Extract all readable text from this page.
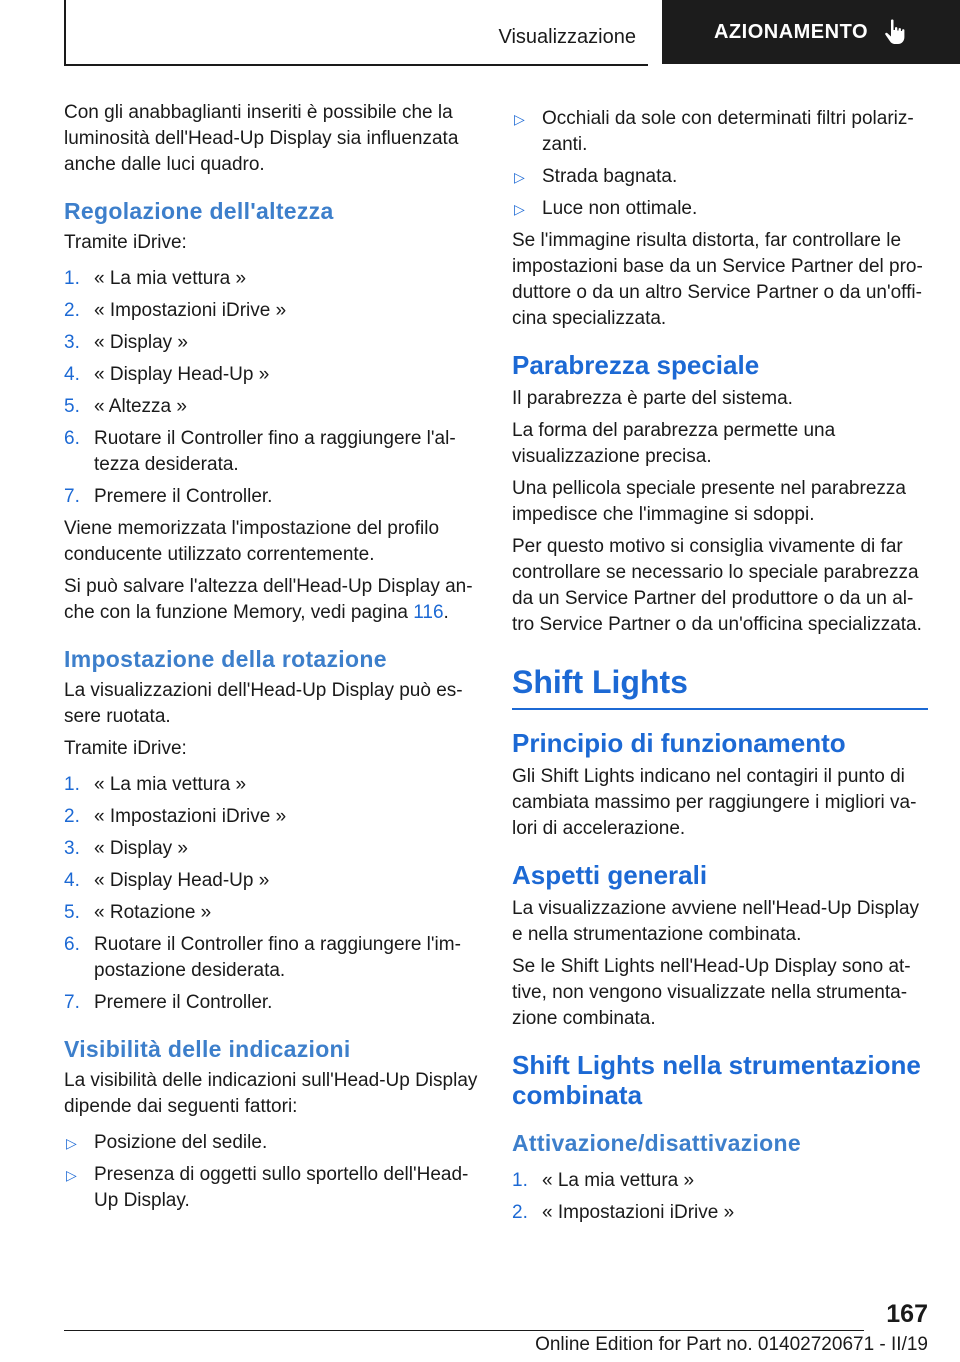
Visualizzazione	AZIONAMENTO

Con gli anabbaglianti inseriti è possibile che la luminosità dell'Head-Up Display sia influenzata anche dalle luci quadro.

Regolazione dell'altezza

Tramite iDrive:

1. « La mia vettura »
2. « Impostazioni iDrive »
3. « Display »
4. « Display Head-Up »
5. « Altezza »
6. Ruotare il Controller fino a raggiungere l'altezza desiderata.
7. Premere il Controller.

Viene memorizzata l'impostazione del profilo conducente utilizzato correntemente.

Si può salvare l'altezza dell'Head-Up Display anche con la funzione Memory, vedi pagina 116.

Impostazione della rotazione

La visualizzazioni dell'Head-Up Display può essere ruotata.

Tramite iDrive:

1. « La mia vettura »
2. « Impostazioni iDrive »
3. « Display »
4. « Display Head-Up »
5. « Rotazione »
6. Ruotare il Controller fino a raggiungere l'impostazione desiderata.
7. Premere il Controller.
Visibilità delle indicazioni

La visibilità delle indicazioni sull'Head-Up Display dipende dai seguenti fattori:

▷ Posizione del sedile.
▷ Presenza di oggetti sullo sportello dell'Head-Up Display.
▷ Occhiali da sole con determinati filtri polarizzanti.
▷ Strada bagnata.
▷ Luce non ottimale.

Se l'immagine risulta distorta, far controllare le impostazioni base da un Service Partner del produttore o da un altro Service Partner o da un'officina specializzata.

Parabrezza speciale

Il parabrezza è parte del sistema.

La forma del parabrezza permette una visualizzazione precisa.

Una pellicola speciale presente nel parabrezza impedisce che l'immagine si sdoppi.

Per questo motivo si consiglia vivamente di far controllare se necessario lo speciale parabrezza da un Service Partner del produttore o da un altro Service Partner o da un'officina specializzata.

Shift Lights
Principio di funzionamento

Gli Shift Lights indicano nel contagiri il punto di cambiata massimo per raggiungere i migliori valori di accelerazione.

Aspetti generali

La visualizzazione avviene nell'Head-Up Display e nella strumentazione combinata.

Se le Shift Lights nell'Head-Up Display sono attive, non vengono visualizzate nella strumentazione combinata.

Shift Lights nella strumentazione combinata
Attivazione/disattivazione
1. « La mia vettura »
2. « Impostazioni iDrive »
167
Online Edition for Part no. 01402720671 - II/19
